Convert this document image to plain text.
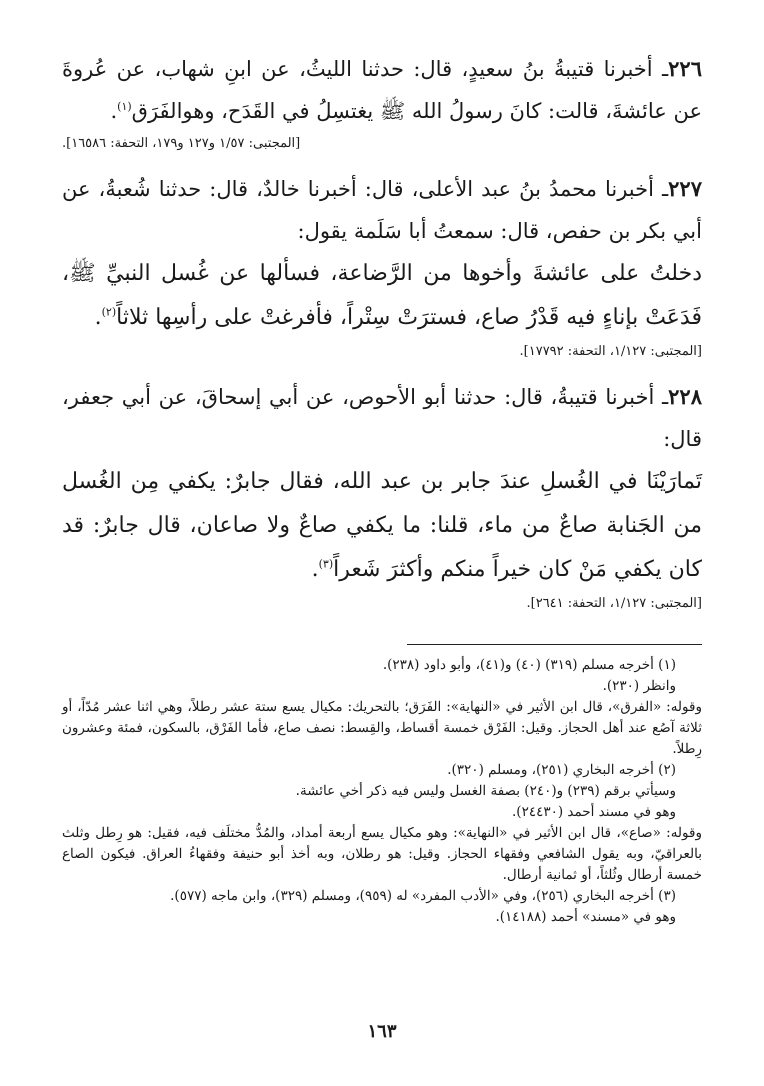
٢٢٦ـ أخبرنا قتيبةُ بنُ سعيدٍ، قال: حدثنا الليثُ، عن ابنِ شهاب، عن عُروةَ عن عائشةَ، قالت: كانَ رسولُ الله ﷺ يغتسِلُ في القَدَح، وهوالفَرَق$^{(١)}$.

[المجتبى: ١/٥٧ و١٢٧ و١٧٩، التحفة: ١٦٥٨٦].

٢٢٧ـ أخبرنا محمدُ بنُ عبد الأعلى، قال: أخبرنا خالدٌ، قال: حدثنا شُعبةُ، عن أبي بكر بن حفص، قال: سمعتُ أبا سَلَمة يقول:

دخلتُ على عائشةَ وأخوها من الرَّضاعة، فسألها عن غُسل النبيِّ ﷺ، فَدَعَتْ بإناءٍ فيه قَدْرُ صاع، فسترَتْ سِتْراً، فأفرغتْ على رأسِها ثلاثاً$^{(٢)}$.

[المجتبى: ١/١٢٧، التحفة: ١٧٧٩٢].

٢٢٨ـ أخبرنا قتيبةُ، قال: حدثنا أبو الأحوص، عن أبي إسحاقَ، عن أبي جعفر، قال:

تَمارَيْنَا في الغُسلِ عندَ جابر بن عبد الله، فقال جابرٌ: يكفي مِن الغُسل من الجَنابة صاعٌ من ماء، قلنا: ما يكفي صاعٌ ولا صاعان، قال جابرٌ: قد كان يكفي مَنْ كان خيراً منكم وأكثرَ شَعراً$^{(٣)}$.

[المجتبى: ١/١٢٧، التحفة: ٢٦٤١].

(١) أخرجه مسلم (٣١٩) (٤٠) و(٤١)، وأبو داود (٢٣٨).

وانظر (٢٣٠).

وقوله: «الفرق»، قال ابن الأثير في «النهاية»: الفَرَق؛ بالتحريك: مكيال يسع ستة عشر رطلاً، وهي اثنا عشر مُدّاً، أو ثلاثة آصُع عند أهل الحجاز. وقيل: الفَرْق خمسة أقساط، والقِسط: نصف صاع، فأما الفَرْق، بالسكون، فمئة وعشرون رِطلاً.

(٢) أخرجه البخاري (٢٥١)، ومسلم (٣٢٠).

وسيأتي برقم (٢٣٩) و(٢٤٠) بصفة الغسل وليس فيه ذكر أخي عائشة.

وهو في مسند أحمد (٢٤٤٣٠).

وقوله: «صاع»، قال ابن الأثير في «النهاية»: وهو مكيال يسع أربعة أمداد، والمُدُّ مختلَف فيه، فقيل: هو رِطل وثلث بالعراقيّ، وبه يقول الشافعي وفقهاء الحجاز. وقيل: هو رطلان، وبه أخذ أبو حنيفة وفقهاءُ العراق. فيكون الصاع خمسة أرطال وثُلثاً، أو ثمانية أرطال.

(٣) أخرجه البخاري (٢٥٦)، وفي «الأدب المفرد» له (٩٥٩)، ومسلم (٣٢٩)، وابن ماجه (٥٧٧).

وهو في «مسند» أحمد (١٤١٨٨).

١٦٣
